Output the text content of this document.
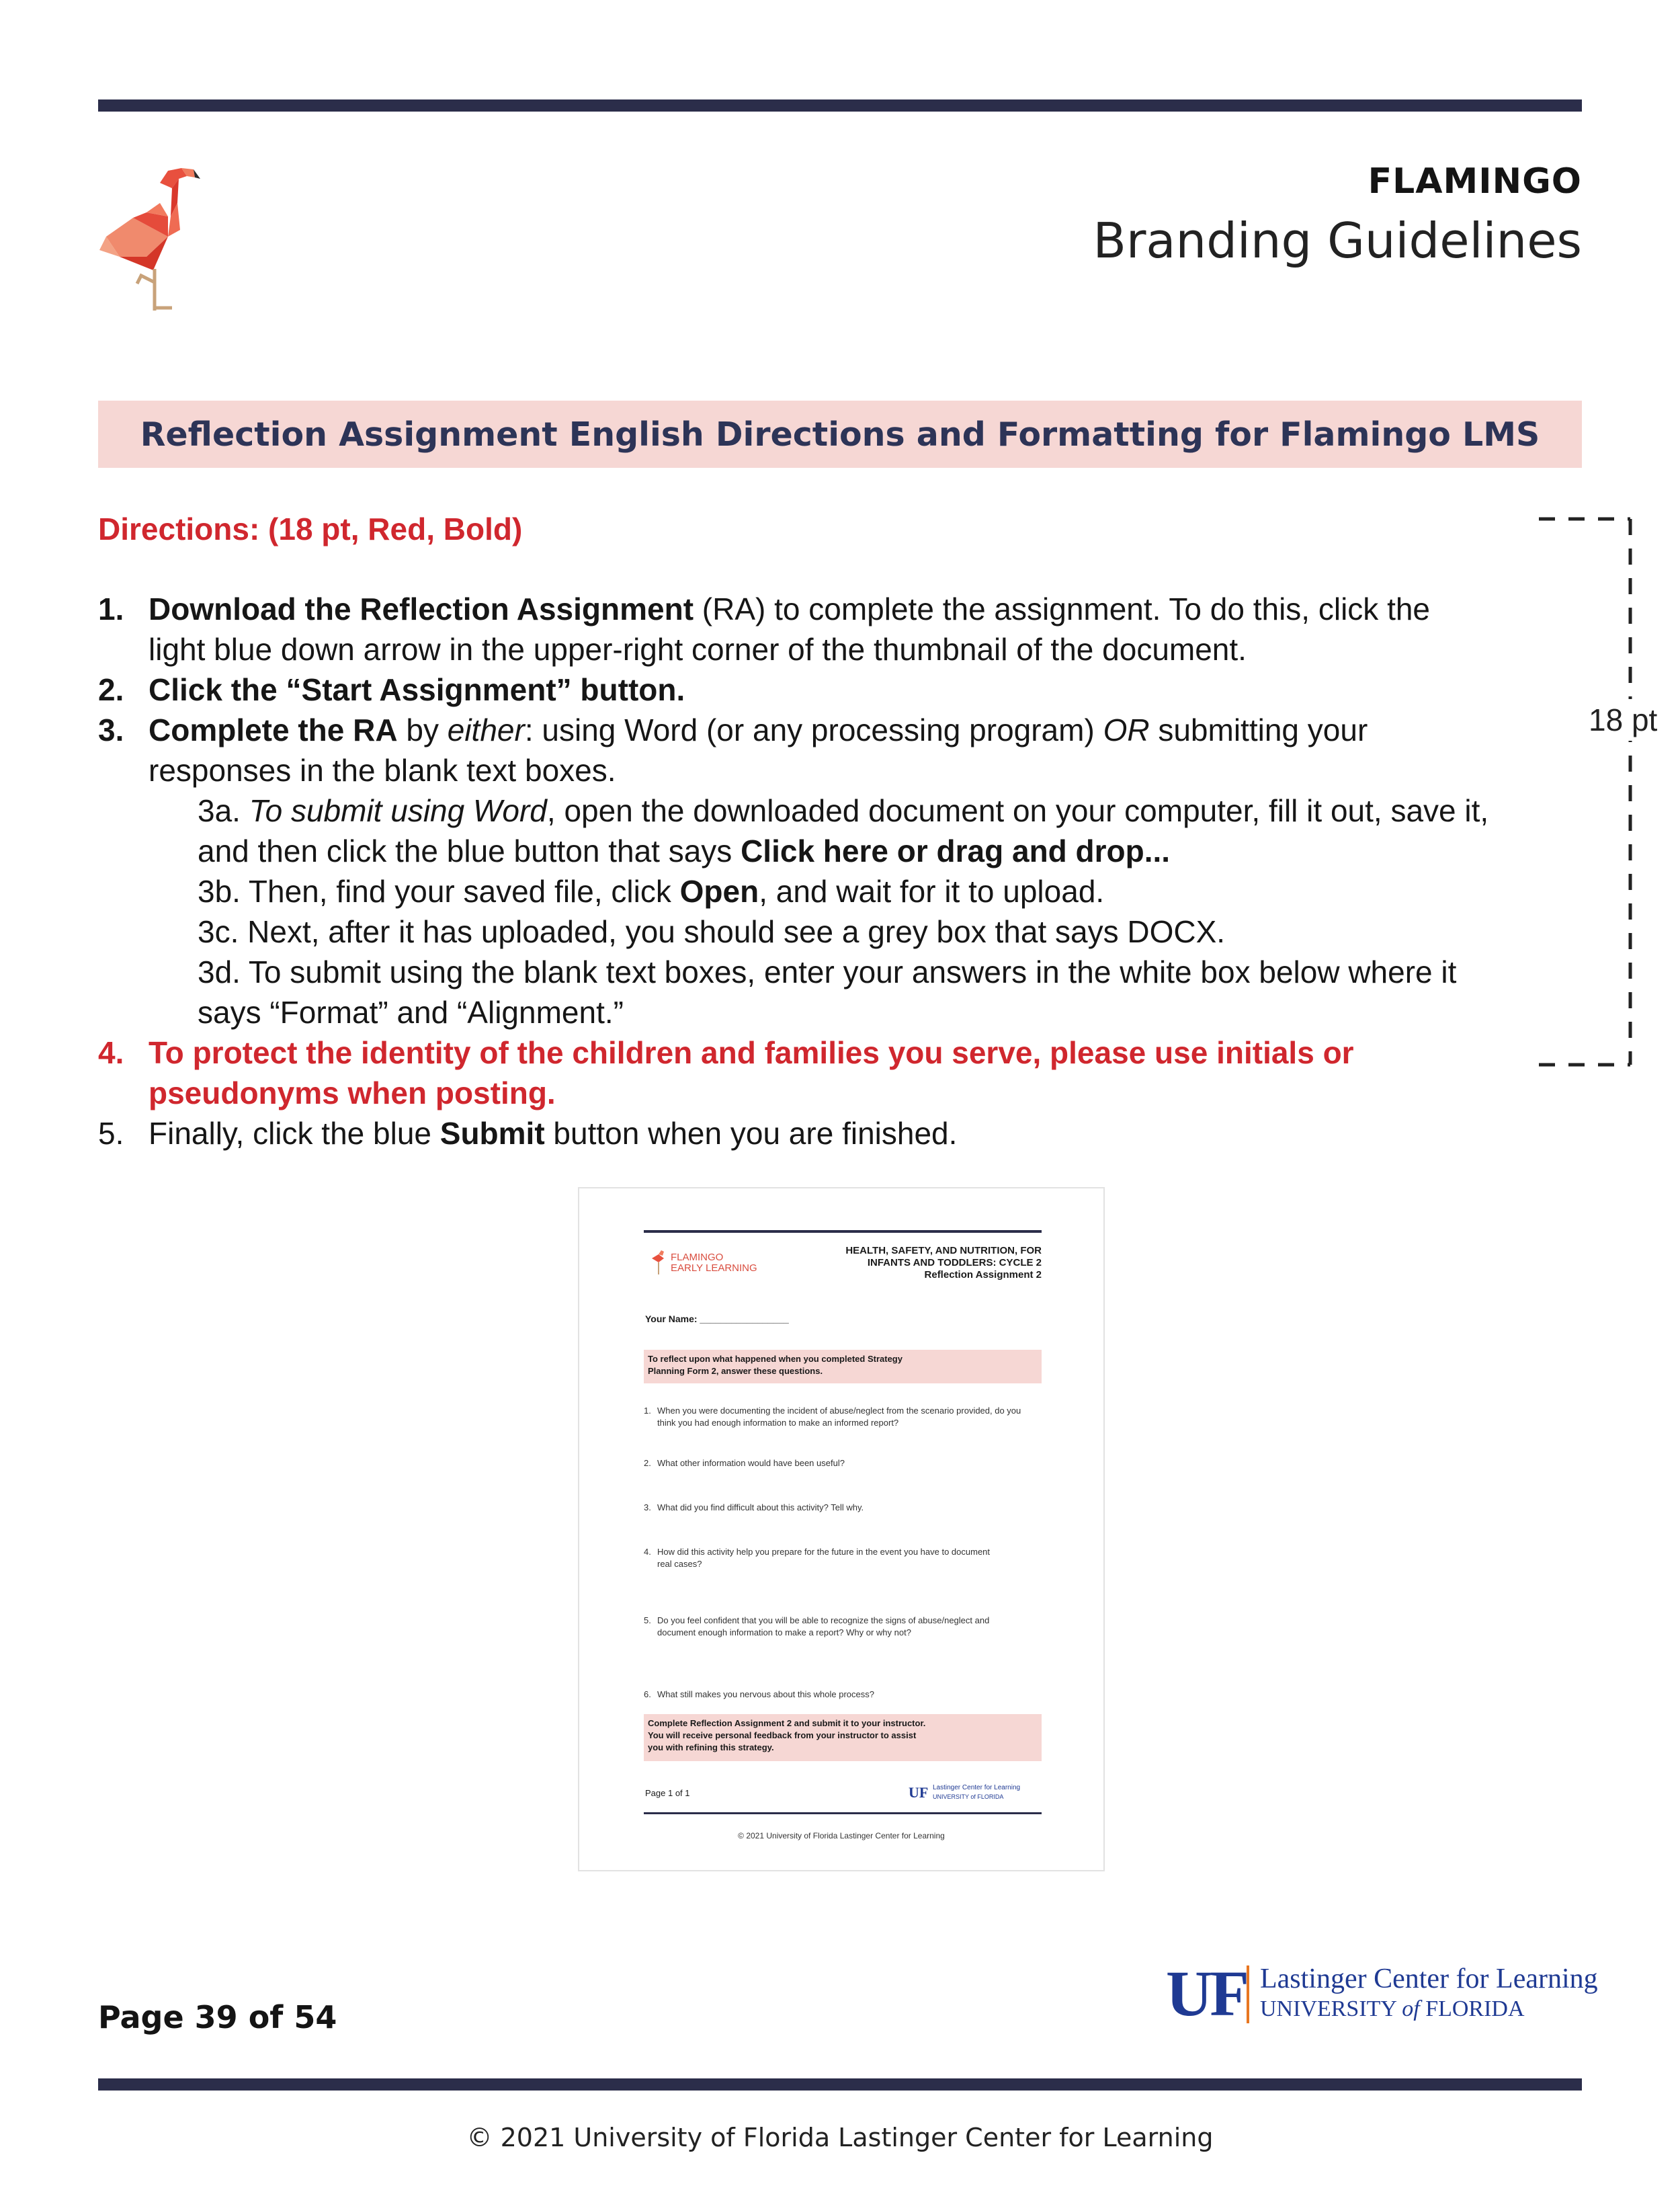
FLAMINGO
Branding Guidelines
Reflection Assignment English Directions and Formatting for Flamingo LMS
Directions: (18 pt, Red, Bold)
1. Download the Reflection Assignment (RA) to complete the assignment. To do this, click the
light blue down arrow in the upper-right corner of the thumbnail of the document.
2. Click the “Start Assignment” button.
3. Complete the RA by either: using Word (or any processing program) OR submitting your
responses in the blank text boxes.
3a. To submit using Word, open the downloaded document on your computer, fill it out, save it,
and then click the blue button that says Click here or drag and drop...
3b. Then, find your saved file, click Open, and wait for it to upload.
3c. Next, after it has uploaded, you should see a grey box that says DOCX.
3d. To submit using the blank text boxes, enter your answers in the white box below where it
says “Format” and “Alignment.”
4. To protect the identity of the children and families you serve, please use initials or
pseudonyms when posting.
5. Finally, click the blue Submit button when you are finished.
18 pt
FLAMINGO
EARLY LEARNING
HEALTH, SAFETY, AND NUTRITION, FOR
INFANTS AND TODDLERS: CYCLE 2
Reflection Assignment 2
Your Name: _________________
To reflect upon what happened when you completed Strategy
Planning Form 2, answer these questions.
1. When you were documenting the incident of abuse/neglect from the scenario provided, do you think you had enough information to make an informed report?
2. What other information would have been useful?
3. What did you find difficult about this activity? Tell why.
4. How did this activity help you prepare for the future in the event you have to document real cases?
5. Do you feel confident that you will be able to recognize the signs of abuse/neglect and document enough information to make a report? Why or why not?
6. What still makes you nervous about this whole process?
Complete Reflection Assignment 2 and submit it to your instructor.
You will receive personal feedback from your instructor to assist
you with refining this strategy.
Page 1 of 1	UF Lastinger Center for Learning
UNIVERSITY of FLORIDA
© 2021 University of Florida Lastinger Center for Learning
Page 39 of 54	UF Lastinger Center for Learning
UNIVERSITY of FLORIDA
© 2021 University of Florida Lastinger Center for Learning
